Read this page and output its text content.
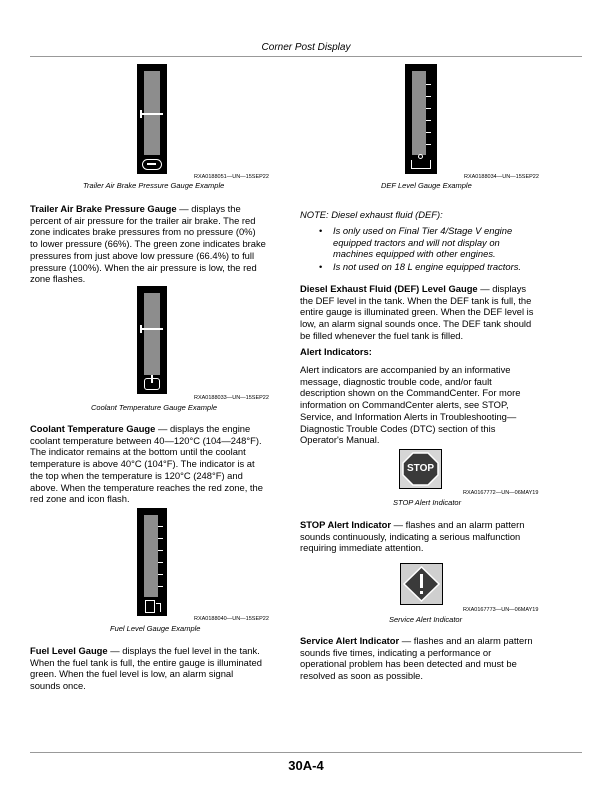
Corner Post Display
RXA0188051—UN—15SEP22
Trailer Air Brake Pressure Gauge Example
Trailer Air Brake Pressure Gauge — displays the
percent of air pressure for the trailer air brake. The red
zone indicates brake pressures from no pressure (0%)
to lower pressure (66%). The green zone indicates brake
pressures from just above low pressure (66.4%) to full
pressure (100%). When the air pressure is low, the red
zone flashes.
RXA0188033—UN—15SEP22
Coolant Temperature Gauge Example
Coolant Temperature Gauge — displays the engine
coolant temperature between 40—120°C (104—248°F).
The indicator remains at the bottom until the coolant
temperature is above 40°C (104°F). The indicator is at
the top when the temperature is 120°C (248°F) and
above. When the temperature reaches the red zone, the
red zone and icon flash.
RXA0188040—UN—15SEP22
Fuel Level Gauge Example
Fuel Level Gauge — displays the fuel level in the tank.
When the fuel tank is full, the entire gauge is illuminated
green. When the fuel level is low, an alarm signal
sounds once.
RXA0188034—UN—15SEP22
DEF Level Gauge Example
NOTE: Diesel exhaust fluid (DEF):
• Is only used on Final Tier 4/Stage V engine
equipped tractors and will not display on
machines equipped with other engines.
• Is not used on 18 L engine equipped tractors.
Diesel Exhaust Fluid (DEF) Level Gauge — displays
the DEF level in the tank. When the DEF tank is full, the
entire gauge is illuminated green. When the DEF level is
low, an alarm signal sounds once. The DEF tank should
be filled whenever the fuel tank is filled.
Alert Indicators:
Alert indicators are accompanied by an informative
message, diagnostic trouble code, and/or fault
description shown on the CommandCenter. For more
information on CommandCenter alerts, see STOP,
Service, and Information Alerts in Troubleshooting—
Diagnostic Trouble Codes (DTC) section of this
Operator's Manual.
STOP
RXA0167772—UN—06MAY19
STOP Alert Indicator
STOP Alert Indicator — flashes and an alarm pattern
sounds continuously, indicating a serious malfunction
requiring immediate attention.
RXA0167773—UN—06MAY19
Service Alert Indicator
Service Alert Indicator — flashes and an alarm pattern
sounds five times, indicating a performance or
operational problem has been detected and must be
resolved as soon as possible.
30A-4
